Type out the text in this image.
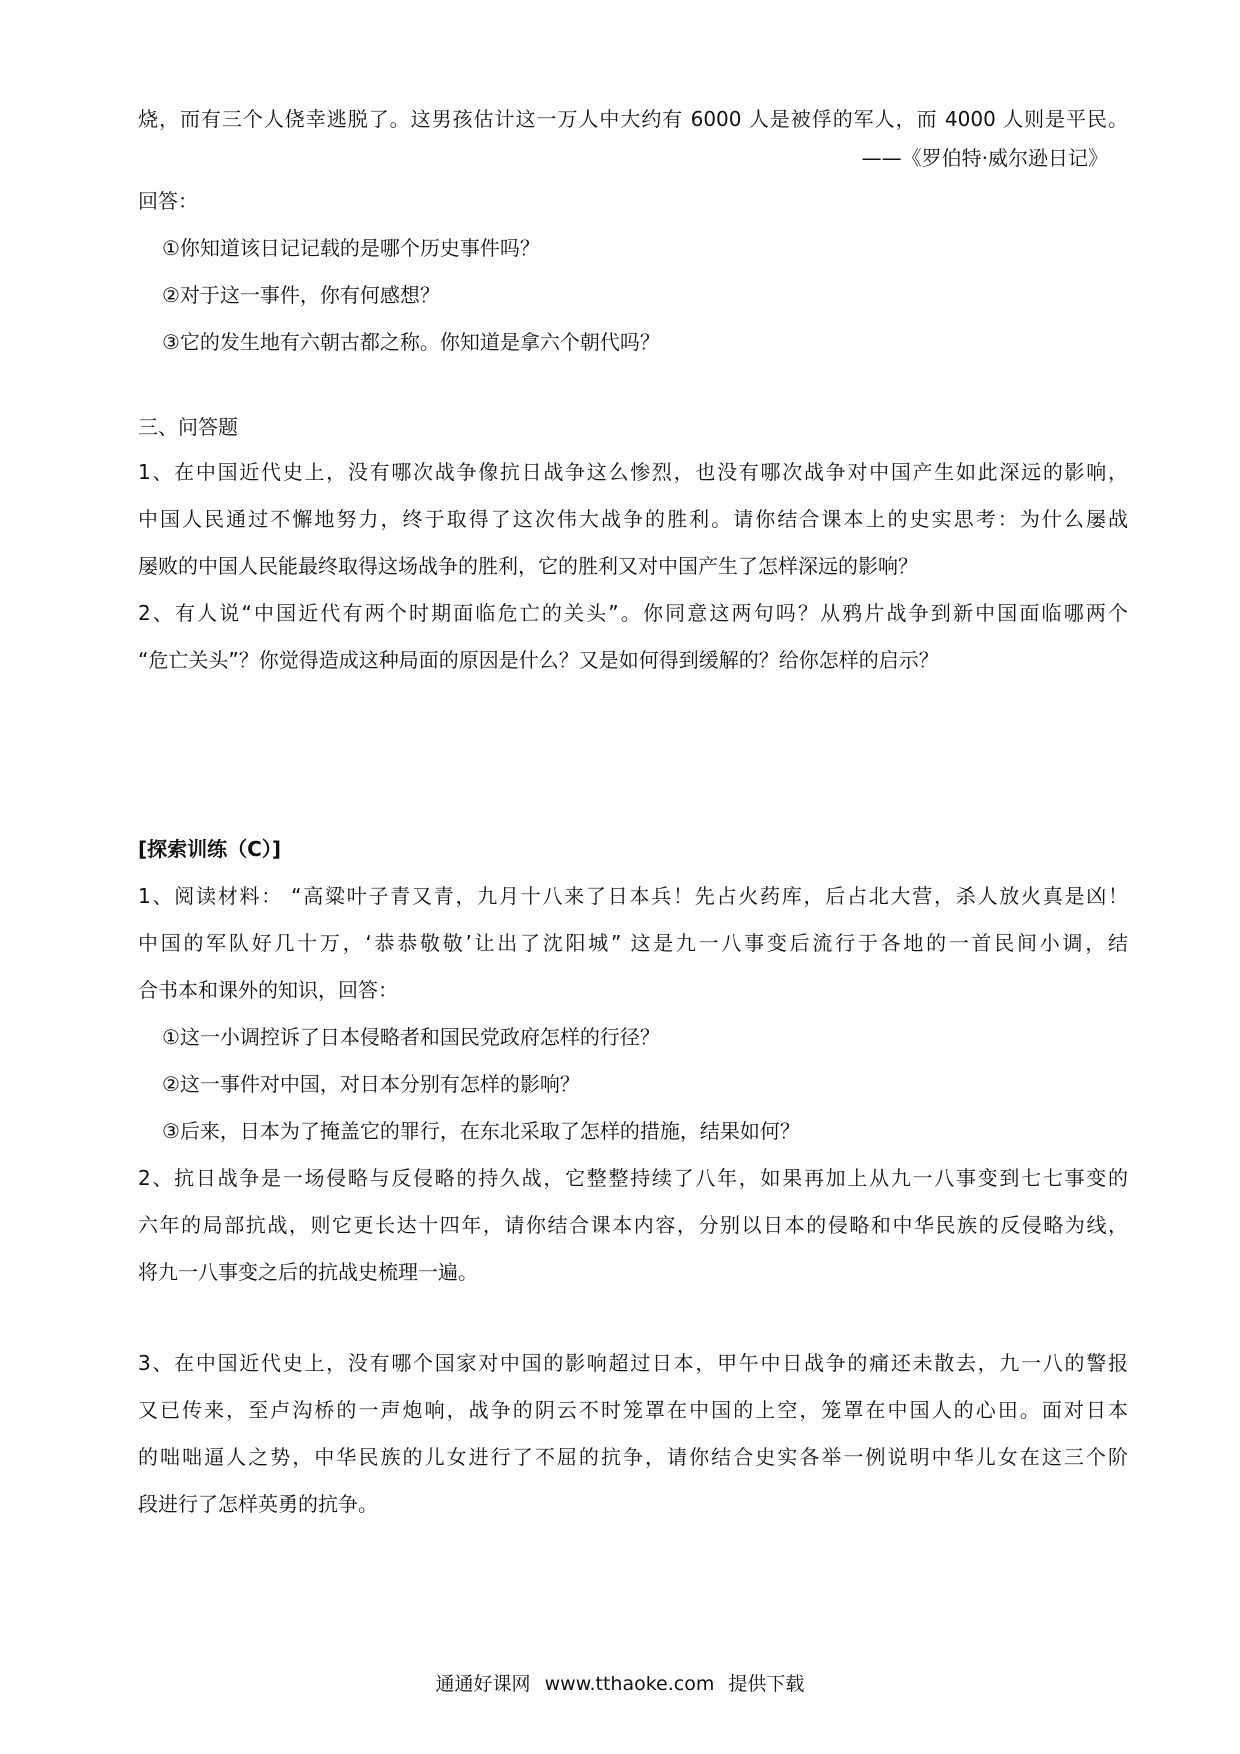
烧，而有三个人侥幸逃脱了。这男孩估计这一万人中大约有 6000 人是被俘的军人，而 4000 人则是平民。
——《罗伯特·威尔逊日记》
回答：
①你知道该日记记载的是哪个历史事件吗？
②对于这一事件，你有何感想？
③它的发生地有六朝古都之称。你知道是拿六个朝代吗？
三、问答题
1、在中国近代史上，没有哪次战争像抗日战争这么惨烈，也没有哪次战争对中国产生如此深远的影响，
中国人民通过不懈地努力，终于取得了这次伟大战争的胜利。请你结合课本上的史实思考：为什么屡战
屡败的中国人民能最终取得这场战争的胜利，它的胜利又对中国产生了怎样深远的影响？
2、有人说“中国近代有两个时期面临危亡的关头”。你同意这两句吗？从鸦片战争到新中国面临哪两个
“危亡关头”？你觉得造成这种局面的原因是什么？又是如何得到缓解的？给你怎样的启示？
[探索训练（C）]
1、阅读材料： “高粱叶子青又青，九月十八来了日本兵！先占火药库，后占北大营，杀人放火真是凶！
中国的军队好几十万，‘恭恭敬敬’让出了沈阳城” 这是九一八事变后流行于各地的一首民间小调，结
合书本和课外的知识，回答：
①这一小调控诉了日本侵略者和国民党政府怎样的行径？
②这一事件对中国，对日本分别有怎样的影响？
③后来，日本为了掩盖它的罪行，在东北采取了怎样的措施，结果如何？
2、抗日战争是一场侵略与反侵略的持久战，它整整持续了八年，如果再加上从九一八事变到七七事变的
六年的局部抗战，则它更长达十四年，请你结合课本内容，分别以日本的侵略和中华民族的反侵略为线，
将九一八事变之后的抗战史梳理一遍。
3、在中国近代史上，没有哪个国家对中国的影响超过日本，甲午中日战争的痛还未散去，九一八的警报
又已传来，至卢沟桥的一声炮响，战争的阴云不时笼罩在中国的上空，笼罩在中国人的心田。面对日本
的咄咄逼人之势，中华民族的儿女进行了不屈的抗争，请你结合史实各举一例说明中华儿女在这三个阶
段进行了怎样英勇的抗争。
通通好课网 www.tthaoke.com 提供下载
